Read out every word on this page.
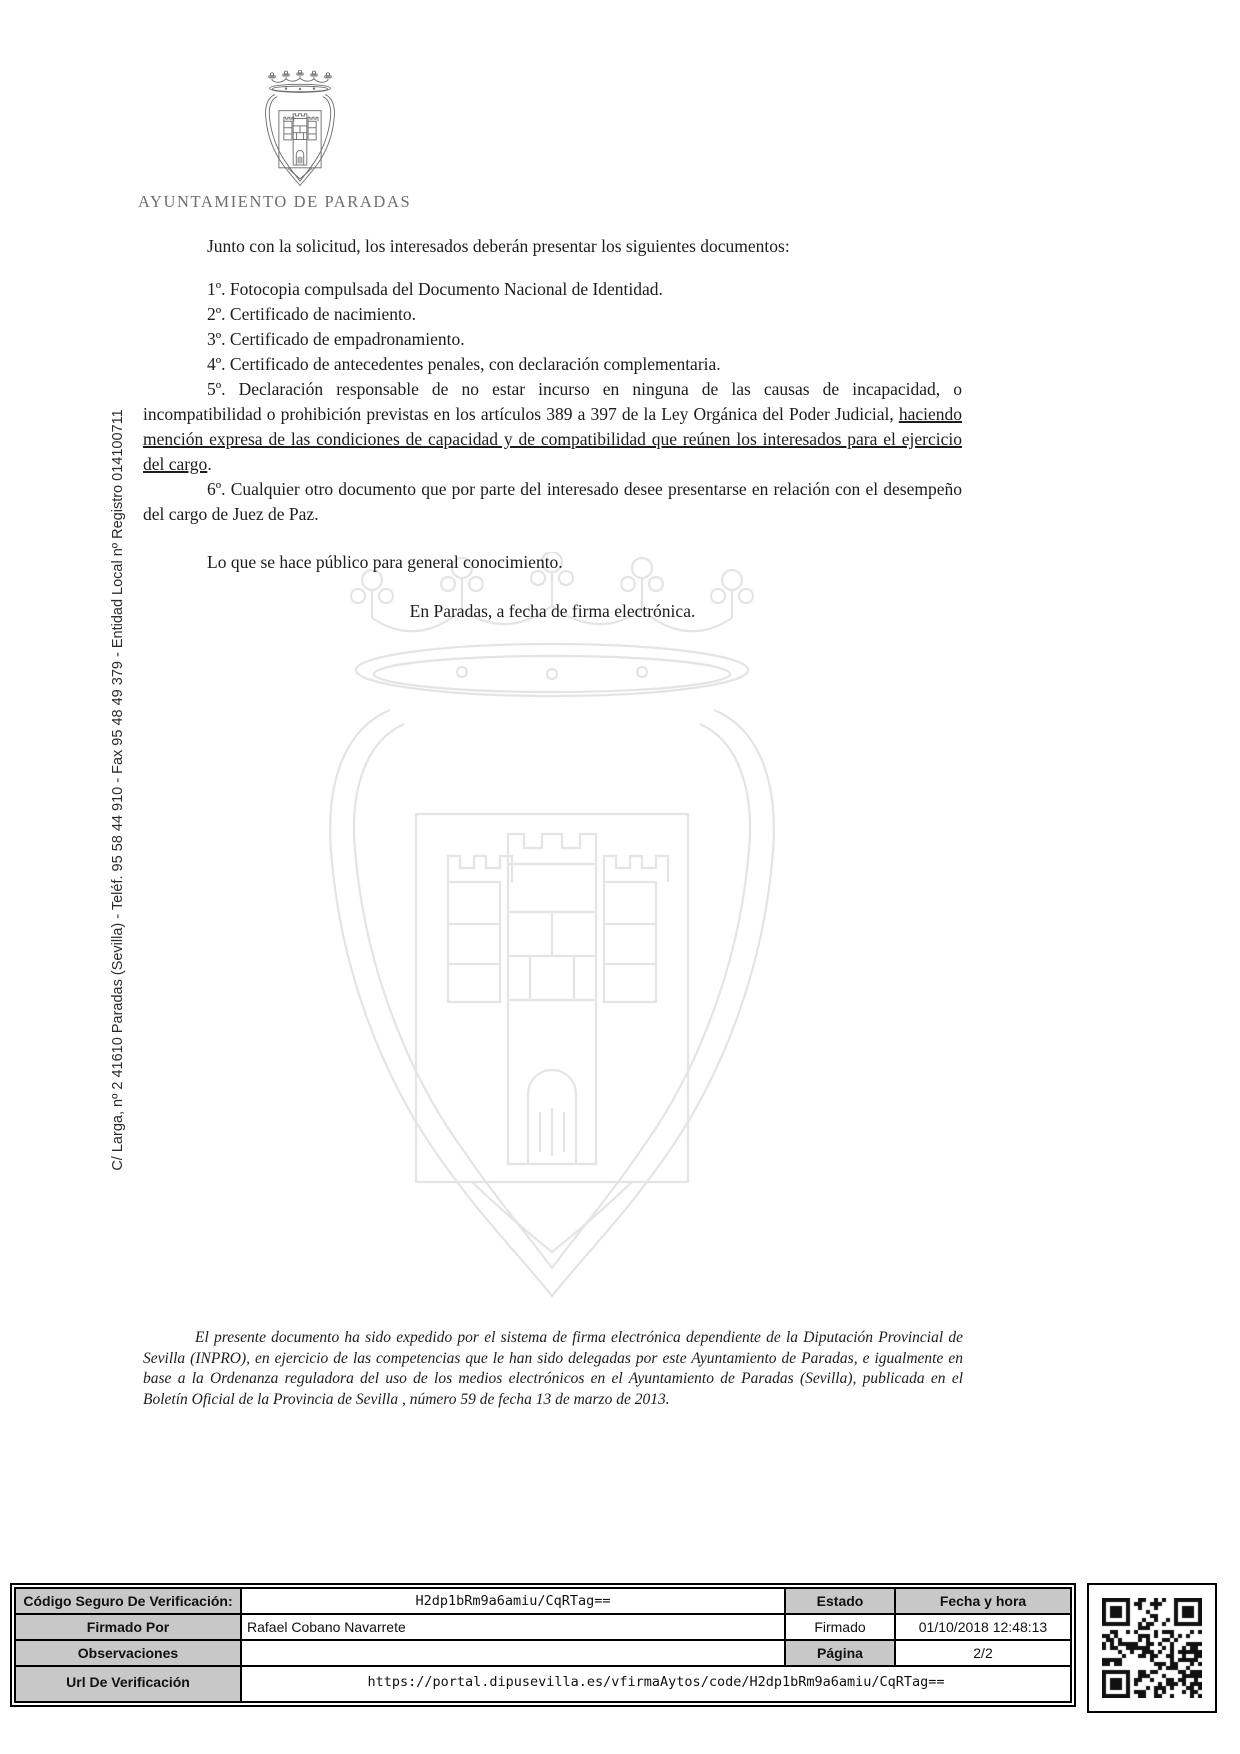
AYUNTAMIENTO DE PARADAS
C/ Larga, nº 2 41610 Paradas (Sevilla) - Teléf. 95 58 44 910 - Fax 95 48 49 379 - Entidad Local nº Registro 014100711

Junto con la solicitud, los interesados deberán presentar los siguientes documentos:

1º. Fotocopia compulsada del Documento Nacional de Identidad.

2º. Certificado de nacimiento.

3º. Certificado de empadronamiento.

4º. Certificado de antecedentes penales, con declaración complementaria.

5º. Declaración responsable de no estar incurso en ninguna de las causas de incapacidad, o incompatibilidad o prohibición previstas en los artículos 389 a 397 de la Ley Orgánica del Poder Judicial, haciendo mención expresa de las condiciones de capacidad y de compatibilidad que reúnen los interesados para el ejercicio del cargo.

6º. Cualquier otro documento que por parte del interesado desee presentarse en relación con el desempeño del cargo de Juez de Paz.

Lo que se hace público para general conocimiento.

En Paradas, a fecha de firma electrónica.

El presente documento ha sido expedido por el sistema de firma electrónica dependiente de la Diputación Provincial de Sevilla (INPRO), en ejercicio de las competencias que le han sido delegadas por este Ayuntamiento de Paradas, e igualmente en base a la Ordenanza reguladora del uso de los medios electrónicos en el Ayuntamiento de Paradas (Sevilla), publicada en el Boletín Oficial de la Provincia de Sevilla , número 59 de fecha 13 de marzo de 2013.
Código Seguro De Verificación:	H2dp1bRm9a6amiu/CqRTag==	Estado	Fecha y hora
Firmado Por	Rafael Cobano Navarrete	Firmado	01/10/2018 12:48:13
Observaciones		Página	2/2
Url De Verificación	https://portal.dipusevilla.es/vfirmaAytos/code/H2dp1bRm9a6amiu/CqRTag==		
